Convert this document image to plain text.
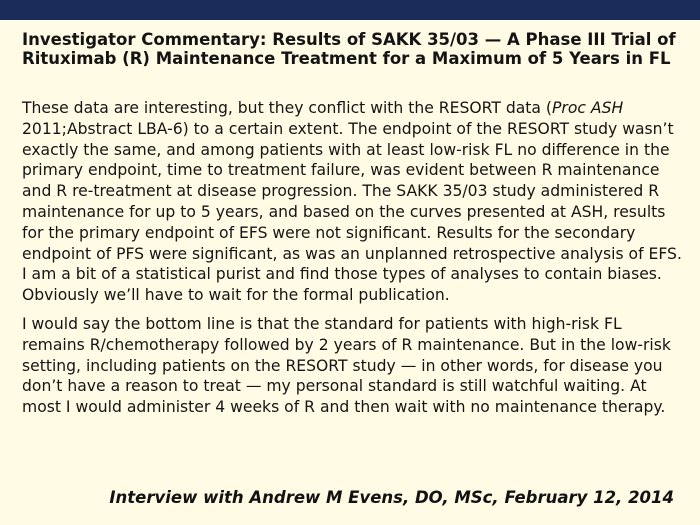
Investigator Commentary: Results of SAKK 35/03 — A Phase III Trial of Rituximab (R) Maintenance Treatment for a Maximum of 5 Years in FL

These data are interesting, but they conflict with the RESORT data (Proc ASH 2011;Abstract LBA-6) to a certain extent. The endpoint of the RESORT study wasn’t exactly the same, and among patients with at least low-risk FL no difference in the primary endpoint, time to treatment failure, was evident between R maintenance and R re-treatment at disease progression. The SAKK 35/03 study administered R maintenance for up to 5 years, and based on the curves presented at ASH, results for the primary endpoint of EFS were not significant. Results for the secondary endpoint of PFS were significant, as was an unplanned retrospective analysis of EFS. I am a bit of a statistical purist and find those types of analyses to contain biases. Obviously we’ll have to wait for the formal publication.

I would say the bottom line is that the standard for patients with high-risk FL remains R/chemotherapy followed by 2 years of R maintenance. But in the low-risk setting, including patients on the RESORT study — in other words, for disease you don’t have a reason to treat — my personal standard is still watchful waiting. At most I would administer 4 weeks of R and then wait with no maintenance therapy.

Interview with Andrew M Evens, DO, MSc, February 12, 2014
